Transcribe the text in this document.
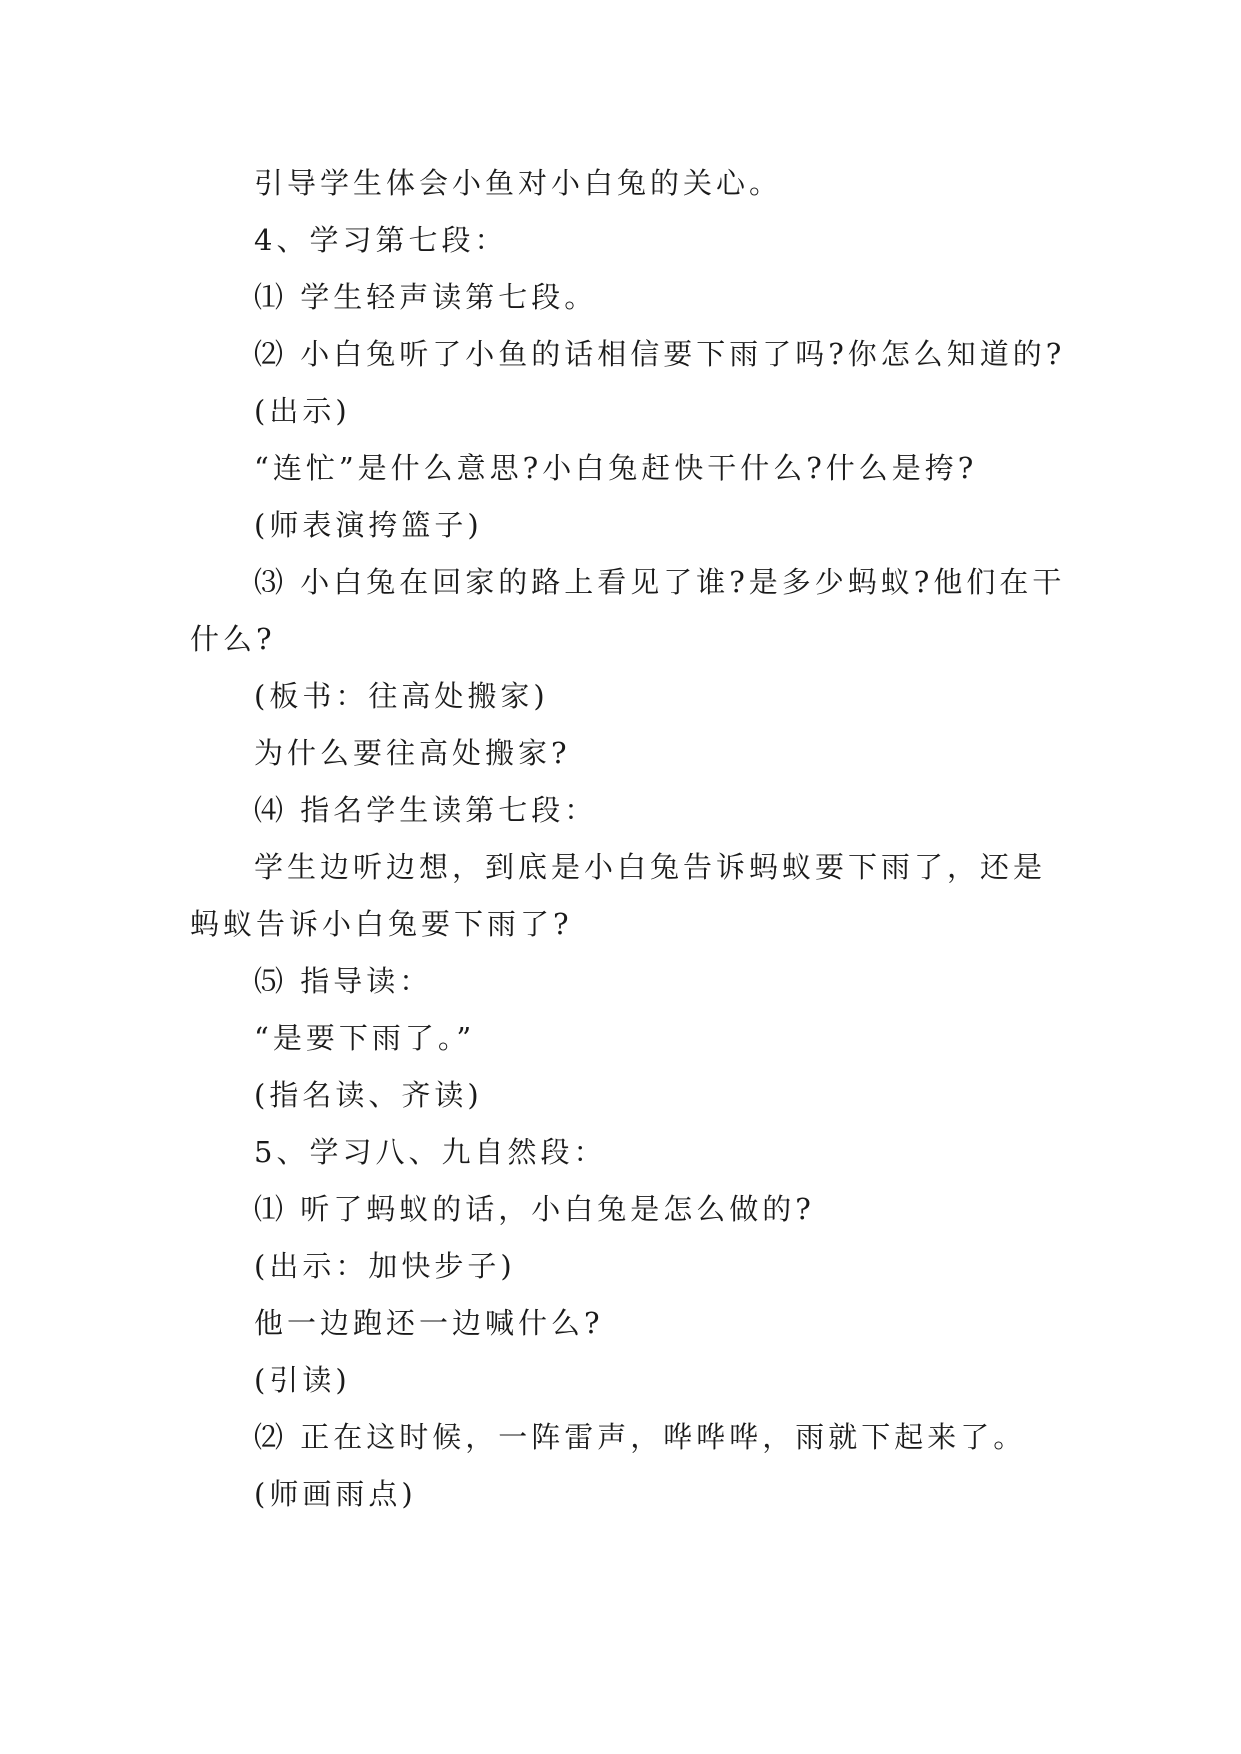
引导学生体会小鱼对小白兔的关心。

4、学习第七段：

⑴ 学生轻声读第七段。

⑵ 小白兔听了小鱼的话相信要下雨了吗?你怎么知道的?

(出示)

“连忙”是什么意思?小白兔赶快干什么?什么是挎?

(师表演挎篮子)

⑶ 小白兔在回家的路上看见了谁?是多少蚂蚁?他们在干什么?

(板书：往高处搬家)

为什么要往高处搬家?

⑷ 指名学生读第七段：

学生边听边想，到底是小白兔告诉蚂蚁要下雨了，还是蚂蚁告诉小白兔要下雨了?

⑸ 指导读：

“是要下雨了。”

(指名读、齐读)

5、学习八、九自然段：

⑴ 听了蚂蚁的话，小白兔是怎么做的?

(出示：加快步子)

他一边跑还一边喊什么?

(引读)

⑵ 正在这时候，一阵雷声，哗哗哗，雨就下起来了。

(师画雨点)
